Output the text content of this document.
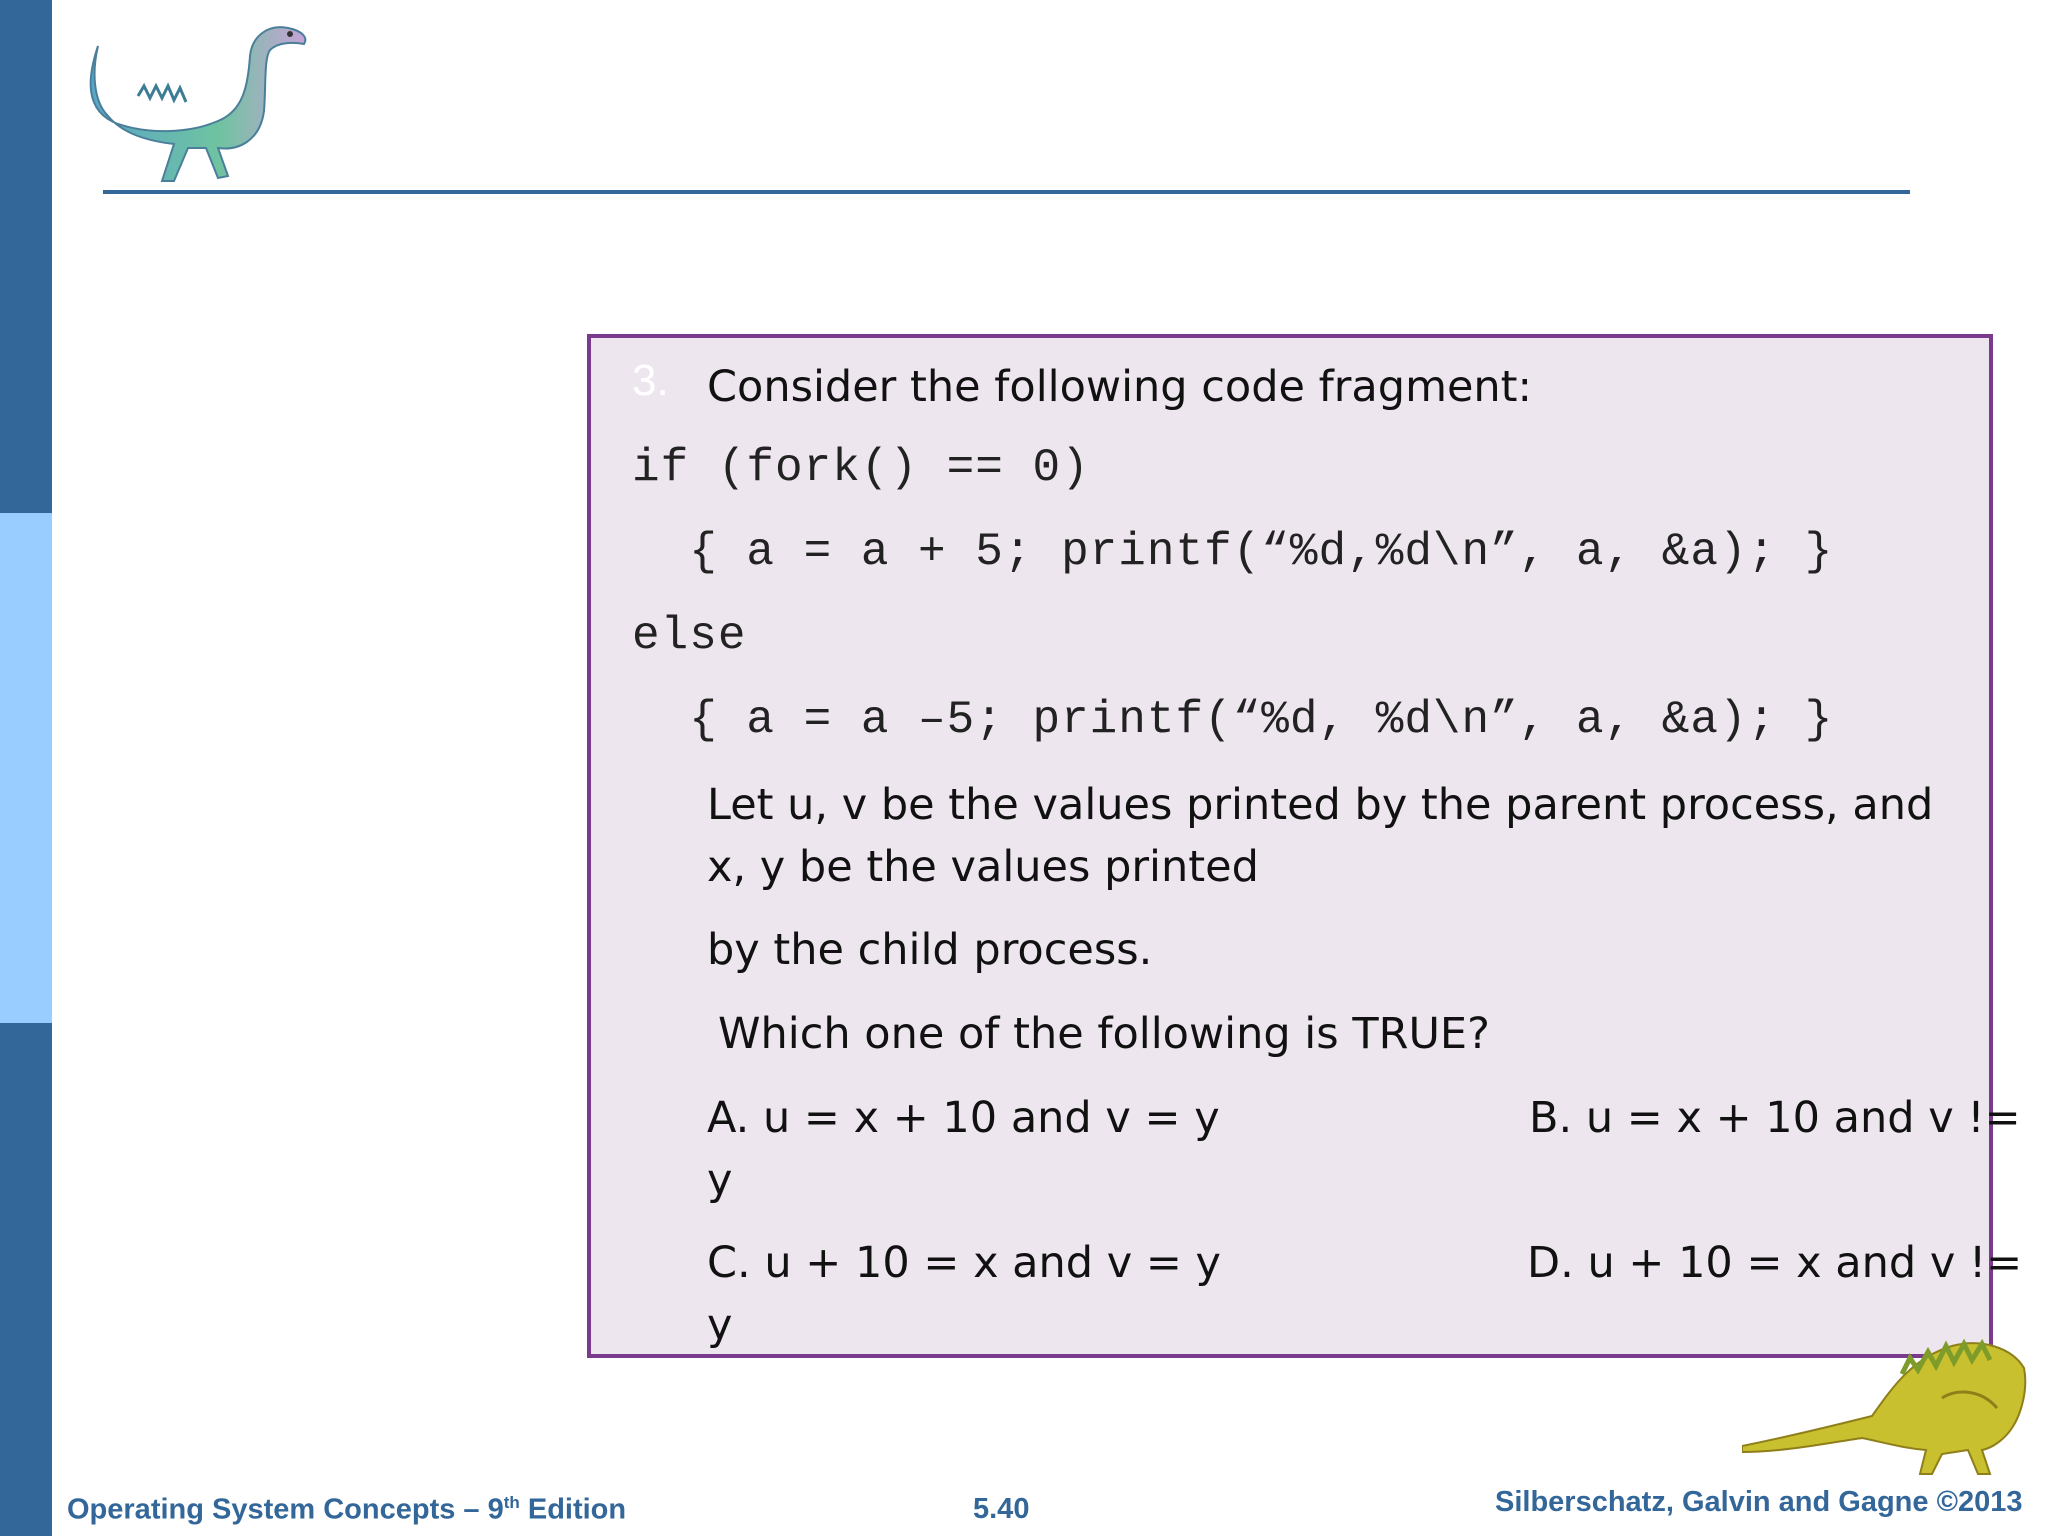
3. Consider the following code fragment:
if (fork() == 0)
{ a = a + 5; printf(“%d,%d\n”, a, &a); }
else
{ a = a –5; printf(“%d, %d\n”, a, &a); }
Let u, v be the values printed by the parent process, and x, y be the values printed
by the child process.
Which one of the following is TRUE?
A. u = x + 10 and v = y	B. u = x + 10 and v !=
y
C. u + 10 = x and v = y	D. u + 10 = x and v !=
y
Operating System Concepts – 9th Edition	5.40	Silberschatz, Galvin and Gagne ©2013
